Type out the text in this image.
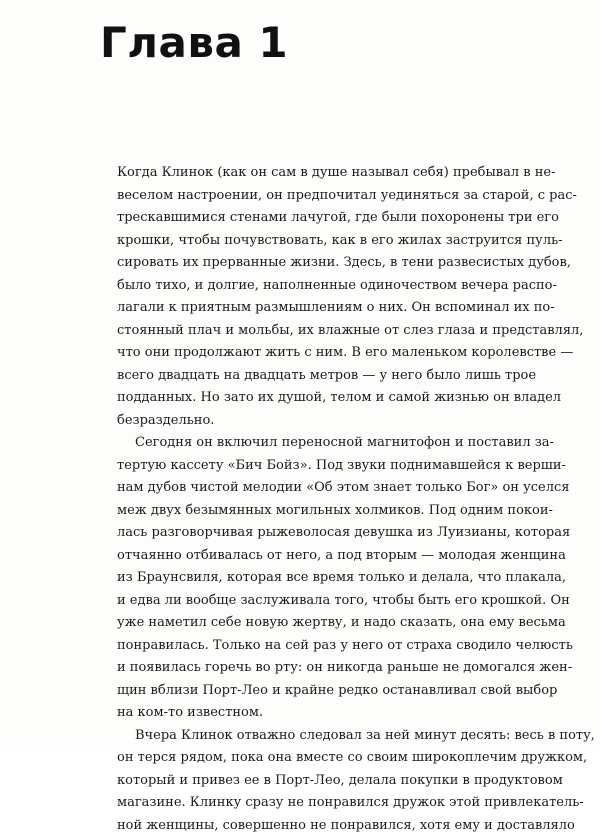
Глава 1

Когда Клинок (как он сам в душе называл себя) пребывал в не-
веселом настроении, он предпочитал уединяться за старой, с рас-
трескавшимися стенами лачугой, где были похоронены три его
крошки, чтобы почувствовать, как в его жилах заструится пуль-
сировать их прерванные жизни. Здесь, в тени развесистых дубов,
было тихо, и долгие, наполненные одиночеством вечера распо-
лагали к приятным размышлениям о них. Он вспоминал их по-
стоянный плач и мольбы, их влажные от слез глаза и представлял,
что они продолжают жить с ним. В его маленьком королевстве —
всего двадцать на двадцать метров — у него было лишь трое
подданных. Но зато их душой, телом и самой жизнью он владел
безраздельно.

Сегодня он включил переносной магнитофон и поставил за-
тертую кассету «Бич Бойз». Под звуки поднимавшейся к верши-
нам дубов чистой мелодии «Об этом знает только Бог» он уселся
меж двух безымянных могильных холмиков. Под одним покои-
лась разговорчивая рыжеволосая девушка из Луизианы, которая
отчаянно отбивалась от него, а под вторым — молодая женщина
из Браунсвиля, которая все время только и делала, что плакала,
и едва ли вообще заслуживала того, чтобы быть его крошкой. Он
уже наметил себе новую жертву, и надо сказать, она ему весьма
понравилась. Только на сей раз у него от страха сводило челюсть
и появилась горечь во рту: он никогда раньше не домогался жен-
щин вблизи Порт-Лео и крайне редко останавливал свой выбор
на ком-то известном.

Вчера Клинок отважно следовал за ней минут десять: весь в поту,
он терся рядом, пока она вместе со своим широкоплечим дружком,
который и привез ее в Порт-Лео, делала покупки в продуктовом
магазине. Клинку сразу не понравился дружок этой привлекатель-
ной женщины, совершенно не понравился, хотя ему и доставляло
